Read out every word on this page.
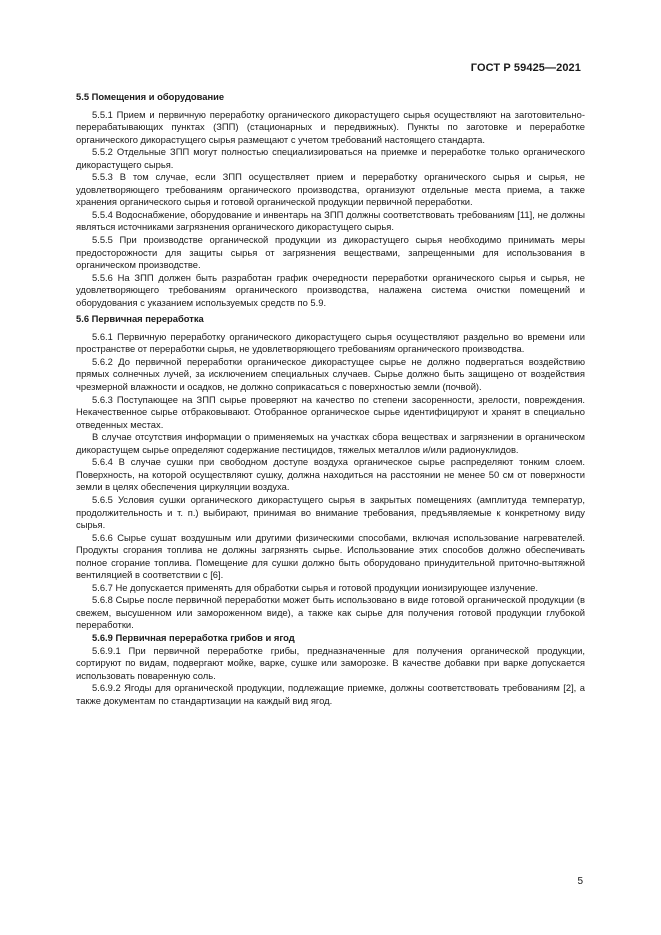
ГОСТ Р 59425—2021

5.5 Помещения и оборудование

5.5.1 Прием и первичную переработку органического дикорастущего сырья осуществляют на заготовительно-перерабатывающих пунктах (ЗПП) (стационарных и передвижных). Пункты по заготовке и переработке органического дикорастущего сырья размещают с учетом требований настоящего стандарта.

5.5.2 Отдельные ЗПП могут полностью специализироваться на приемке и переработке только органического дикорастущего сырья.

5.5.3 В том случае, если ЗПП осуществляет прием и переработку органического сырья и сырья, не удовлетворяющего требованиям органического производства, организуют отдельные места приема, а также хранения органического сырья и готовой органической продукции первичной переработки.

5.5.4 Водоснабжение, оборудование и инвентарь на ЗПП должны соответствовать требованиям [11], не должны являться источниками загрязнения органического дикорастущего сырья.

5.5.5 При производстве органической продукции из дикорастущего сырья необходимо принимать меры предосторожности для защиты сырья от загрязнения веществами, запрещенными для использования в органическом производстве.

5.5.6 На ЗПП должен быть разработан график очередности переработки органического сырья и сырья, не удовлетворяющего требованиям органического производства, налажена система очистки помещений и оборудования с указанием используемых средств по 5.9.

5.6 Первичная переработка

5.6.1 Первичную переработку органического дикорастущего сырья осуществляют раздельно во времени или пространстве от переработки сырья, не удовлетворяющего требованиям органического производства.

5.6.2 До первичной переработки органическое дикорастущее сырье не должно подвергаться воздействию прямых солнечных лучей, за исключением специальных случаев. Сырье должно быть защищено от воздействия чрезмерной влажности и осадков, не должно соприкасаться с поверхностью земли (почвой).

5.6.3 Поступающее на ЗПП сырье проверяют на качество по степени засоренности, зрелости, повреждения. Некачественное сырье отбраковывают. Отобранное органическое сырье идентифицируют и хранят в специально отведенных местах.

В случае отсутствия информации о применяемых на участках сбора веществах и загрязнении в органическом дикорастущем сырье определяют содержание пестицидов, тяжелых металлов и/или радионуклидов.

5.6.4 В случае сушки при свободном доступе воздуха органическое сырье распределяют тонким слоем. Поверхность, на которой осуществляют сушку, должна находиться на расстоянии не менее 50 см от поверхности земли в целях обеспечения циркуляции воздуха.

5.6.5 Условия сушки органического дикорастущего сырья в закрытых помещениях (амплитуда температур, продолжительность и т. п.) выбирают, принимая во внимание требования, предъявляемые к конкретному виду сырья.

5.6.6 Сырье сушат воздушным или другими физическими способами, включая использование нагревателей. Продукты сгорания топлива не должны загрязнять сырье. Использование этих способов должно обеспечивать полное сгорание топлива. Помещение для сушки должно быть оборудовано принудительной приточно-вытяжной вентиляцией в соответствии с [6].

5.6.7 Не допускается применять для обработки сырья и готовой продукции ионизирующее излучение.

5.6.8 Сырье после первичной переработки может быть использовано в виде готовой органической продукции (в свежем, высушенном или замороженном виде), а также как сырье для получения готовой продукции глубокой переработки.

5.6.9 Первичная переработка грибов и ягод

5.6.9.1 При первичной переработке грибы, предназначенные для получения органической продукции, сортируют по видам, подвергают мойке, варке, сушке или заморозке. В качестве добавки при варке допускается использовать поваренную соль.

5.6.9.2 Ягоды для органической продукции, подлежащие приемке, должны соответствовать требованиям [2], а также документам по стандартизации на каждый вид ягод.

5
